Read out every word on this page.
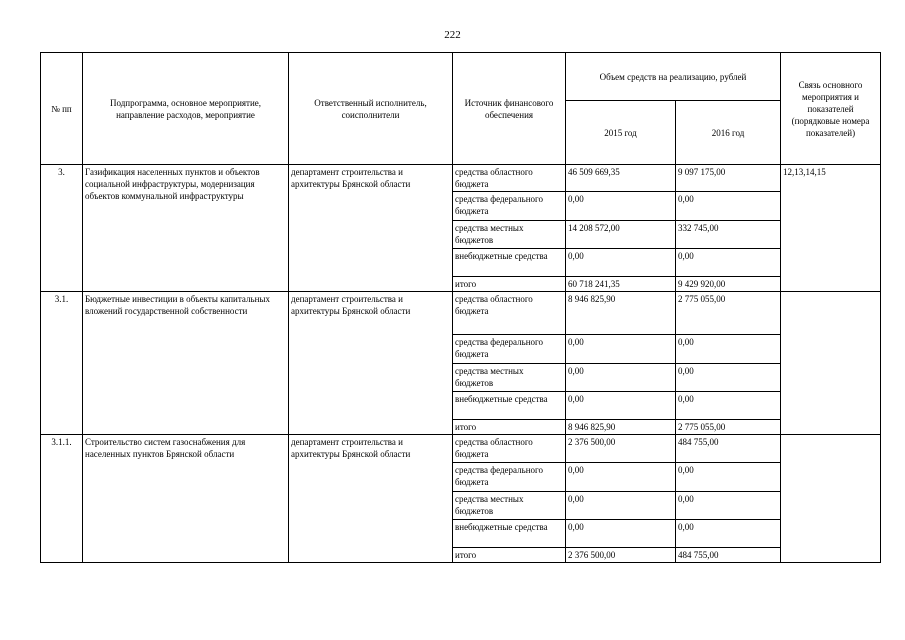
222
№ пп	Подпрограмма, основное мероприятие, направление расходов, мероприятие	Ответственный исполнитель, соисполнители	Источник финансового обеспечения	Объем средств на реализацию, рублей		Связь основного мероприятия и показателей (порядковые номера показателей)
				2015 год	2016 год	
3.	Газификация населенных пунктов и объектов социальной инфраструктуры, модернизация объектов коммунальной инфраструктуры	департамент строительства и архитектуры Брянской области	средства областного бюджета	46 509 669,35	9 097 175,00	12,13,14,15
			средства федерального бюджета	0,00	0,00	
			средства местных бюджетов	14 208 572,00	332 745,00	
			внебюджетные средства	0,00	0,00	
			итого	60 718 241,35	9 429 920,00	
3.1.	Бюджетные инвестиции в объекты капитальных вложений государственной собственности	департамент строительства и архитектуры Брянской области	средства областного бюджета	8 946 825,90	2 775 055,00	
			средства федерального бюджета	0,00	0,00	
			средства местных бюджетов	0,00	0,00	
			внебюджетные средства	0,00	0,00	
			итого	8 946 825,90	2 775 055,00	
3.1.1.	Строительство систем газоснабжения для населенных пунктов Брянской области	департамент строительства и архитектуры Брянской области	средства областного бюджета	2 376 500,00	484 755,00	
			средства федерального бюджета	0,00	0,00	
			средства местных бюджетов	0,00	0,00	
			внебюджетные средства	0,00	0,00	
			итого	2 376 500,00	484 755,00	
